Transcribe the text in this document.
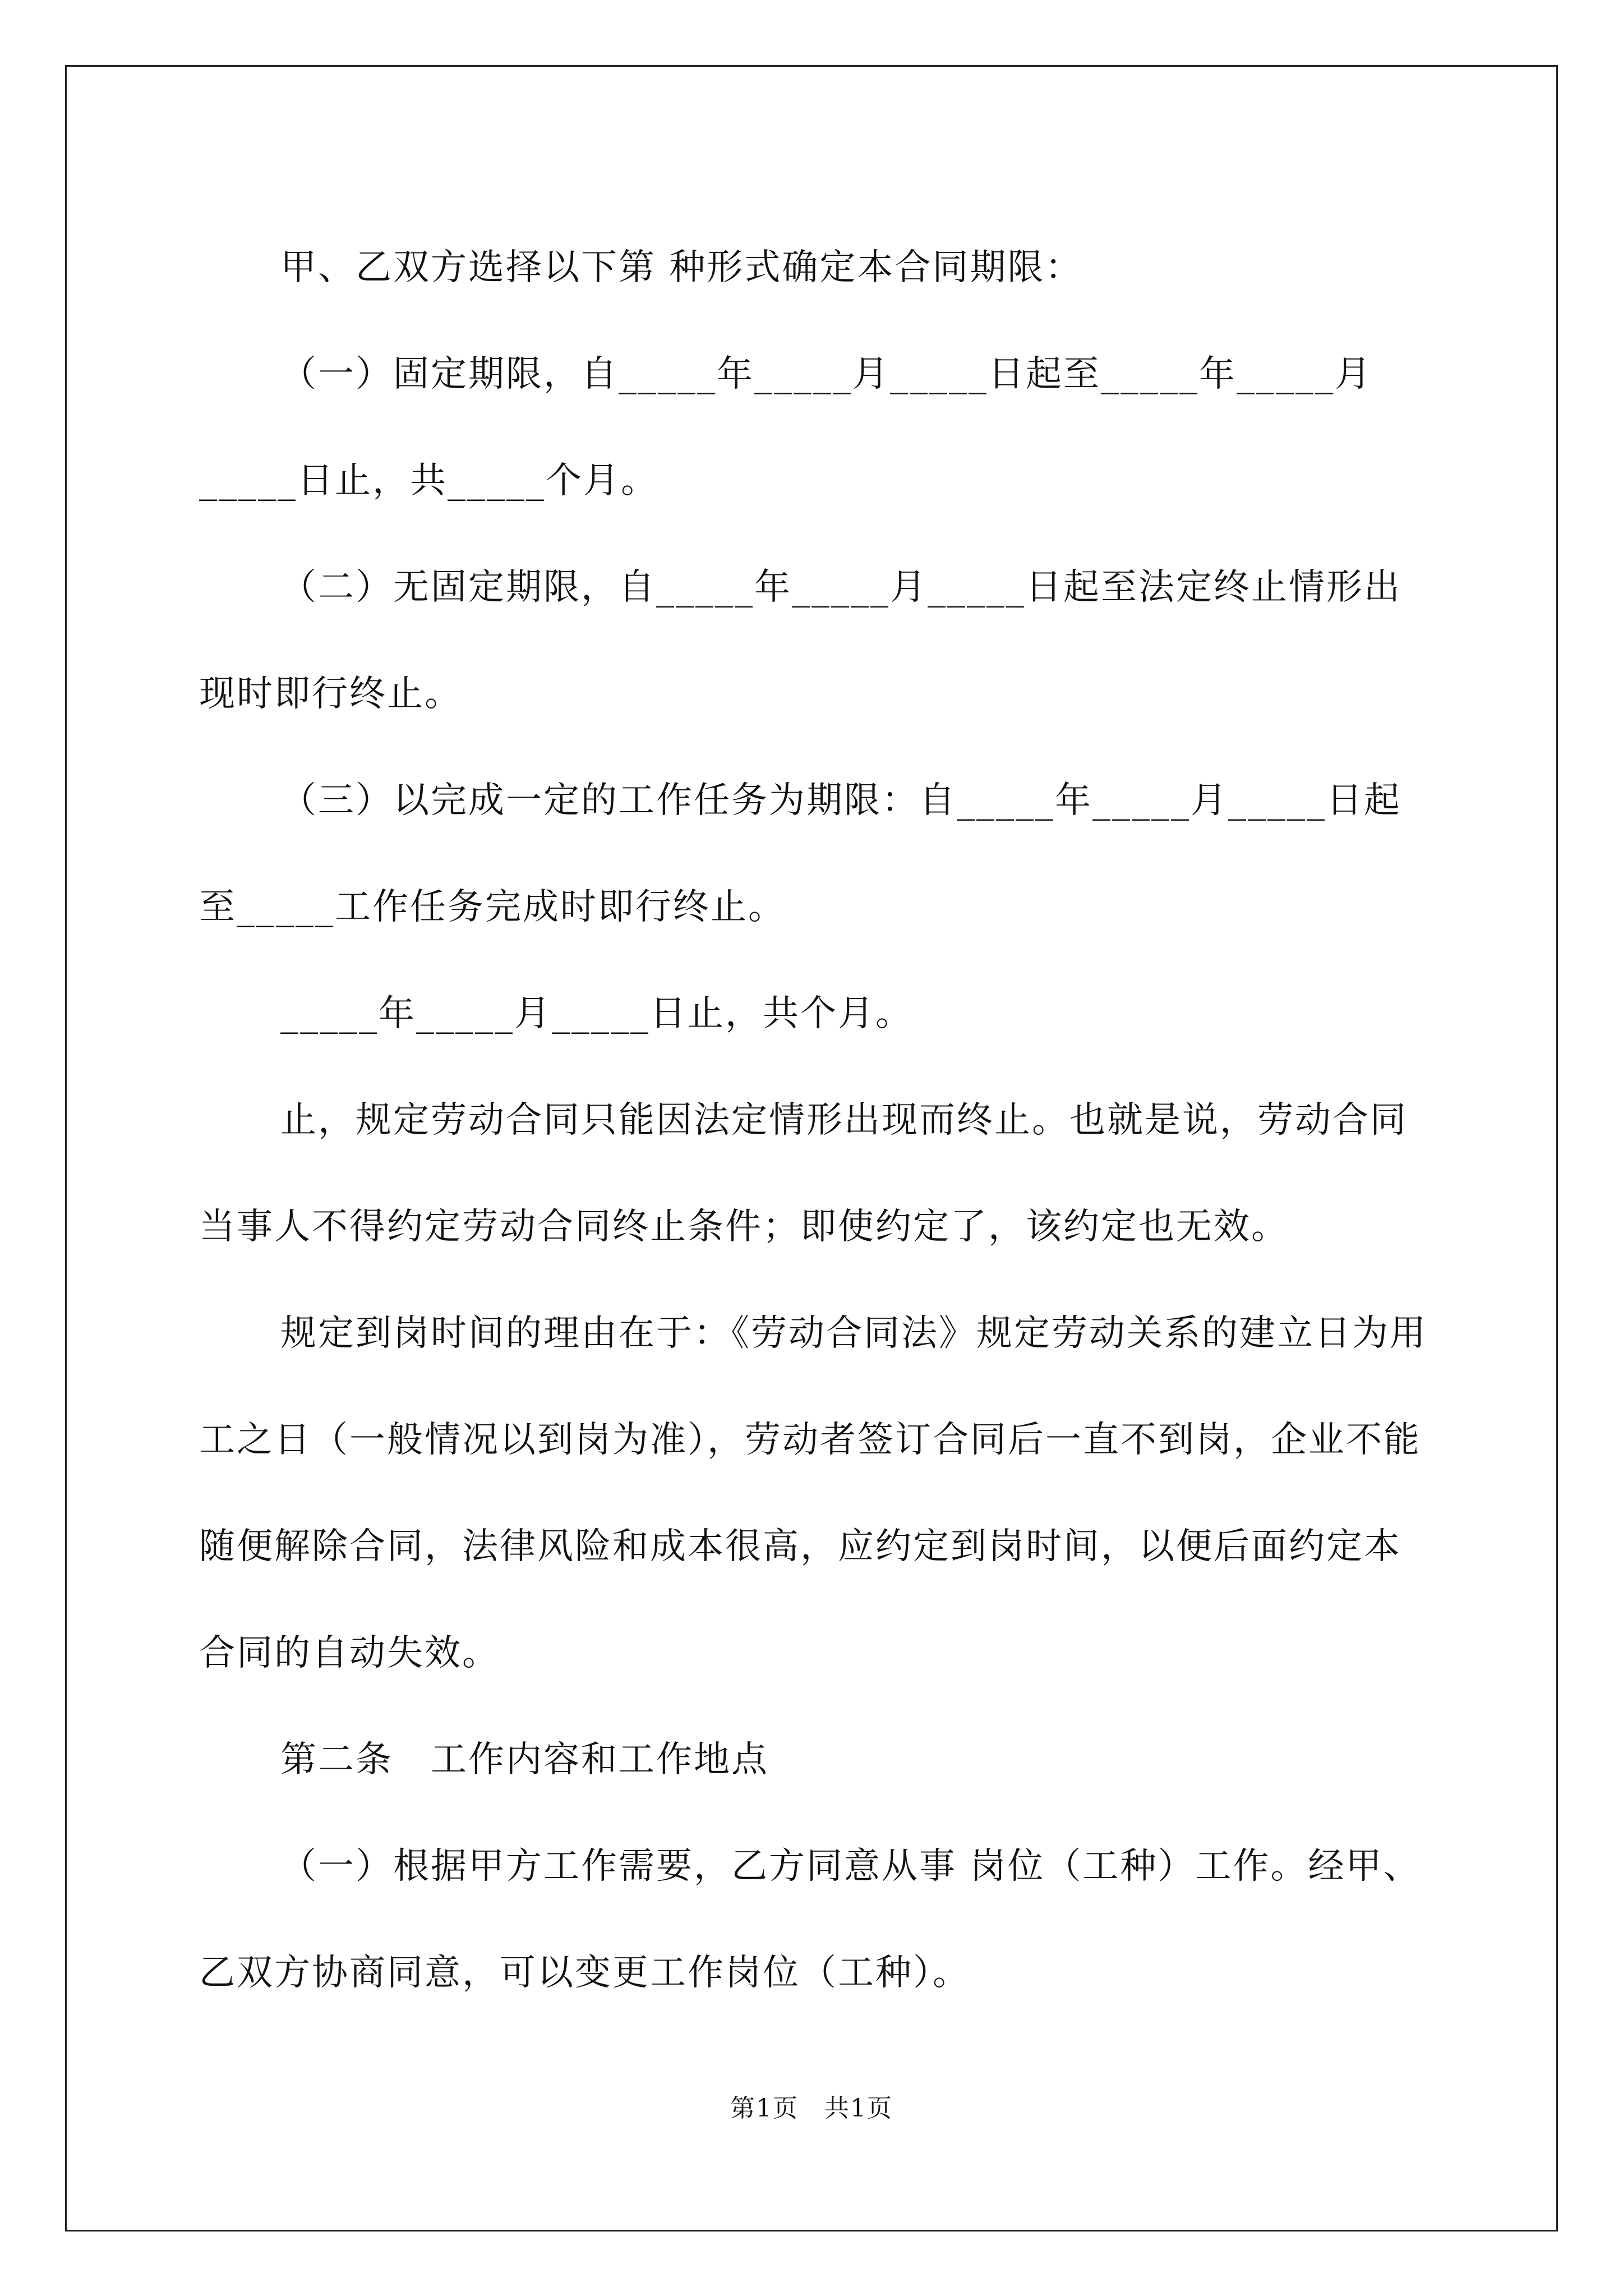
甲、乙双方选择以下第 种形式确定本合同期限：

（一）固定期限，自_____年_____月_____日起至_____年_____月_____日止，共_____个月。

（二）无固定期限，自_____年_____月_____日起至法定终止情形出现时即行终止。

（三）以完成一定的工作任务为期限：自_____年_____月_____日起至_____工作任务完成时即行终止。

_____年_____月_____日止，共个月。

止，规定劳动合同只能因法定情形出现而终止。也就是说，劳动合同当事人不得约定劳动合同终止条件；即使约定了，该约定也无效。

规定到岗时间的理由在于：《劳动合同法》规定劳动关系的建立日为用工之日（一般情况以到岗为准），劳动者签订合同后一直不到岗，企业不能随便解除合同，法律风险和成本很高，应约定到岗时间，以便后面约定本合同的自动失效。

第二条　工作内容和工作地点

（一）根据甲方工作需要，乙方同意从事 岗位（工种）工作。经甲、乙双方协商同意，可以变更工作岗位（工种）。

第1页　共1页
